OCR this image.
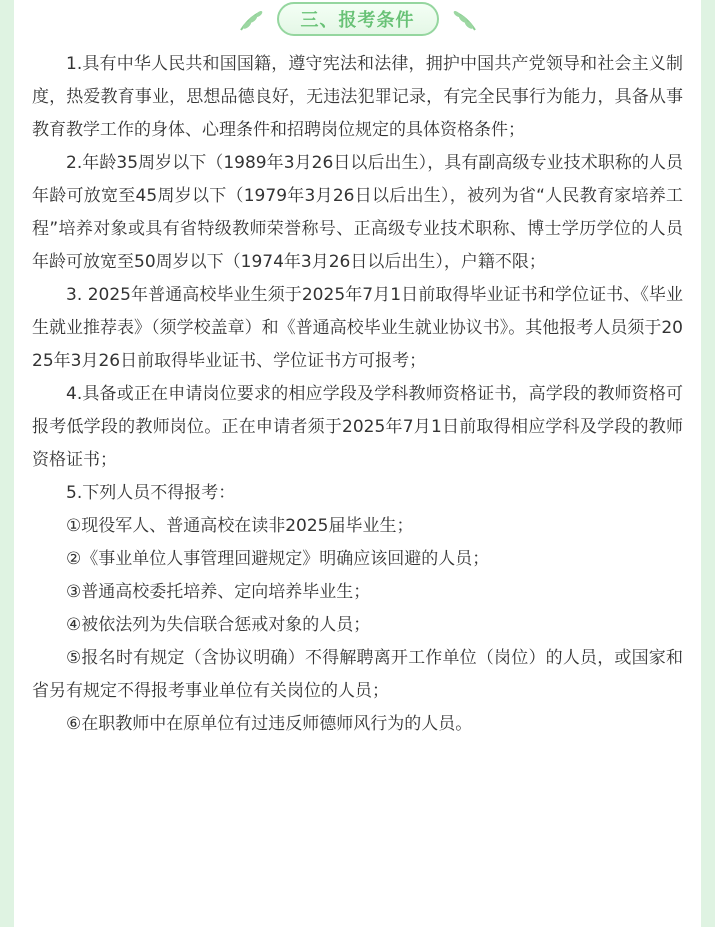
三、报考条件

1.具有中华人民共和国国籍，遵守宪法和法律，拥护中国共产党领导和社会主义制度，热爱教育事业，思想品德良好，无违法犯罪记录，有完全民事行为能力，具备从事教育教学工作的身体、心理条件和招聘岗位规定的具体资格条件；

2.年龄35周岁以下（1989年3月26日以后出生），具有副高级专业技术职称的人员年龄可放宽至45周岁以下（1979年3月26日以后出生），被列为省“人民教育家培养工程”培养对象或具有省特级教师荣誉称号、正高级专业技术职称、博士学历学位的人员年龄可放宽至50周岁以下（1974年3月26日以后出生），户籍不限；

3. 2025年普通高校毕业生须于2025年7月1日前取得毕业证书和学位证书、《毕业生就业推荐表》（须学校盖章）和《普通高校毕业生就业协议书》。其他报考人员须于2025年3月26日前取得毕业证书、学位证书方可报考；

4.具备或正在申请岗位要求的相应学段及学科教师资格证书，高学段的教师资格可报考低学段的教师岗位。正在申请者须于2025年7月1日前取得相应学科及学段的教师资格证书；

5.下列人员不得报考：

①现役军人、普通高校在读非2025届毕业生；

②《事业单位人事管理回避规定》明确应该回避的人员；

③普通高校委托培养、定向培养毕业生；

④被依法列为失信联合惩戒对象的人员；

⑤报名时有规定（含协议明确）不得解聘离开工作单位（岗位）的人员，或国家和省另有规定不得报考事业单位有关岗位的人员；

⑥在职教师中在原单位有过违反师德师风行为的人员。
